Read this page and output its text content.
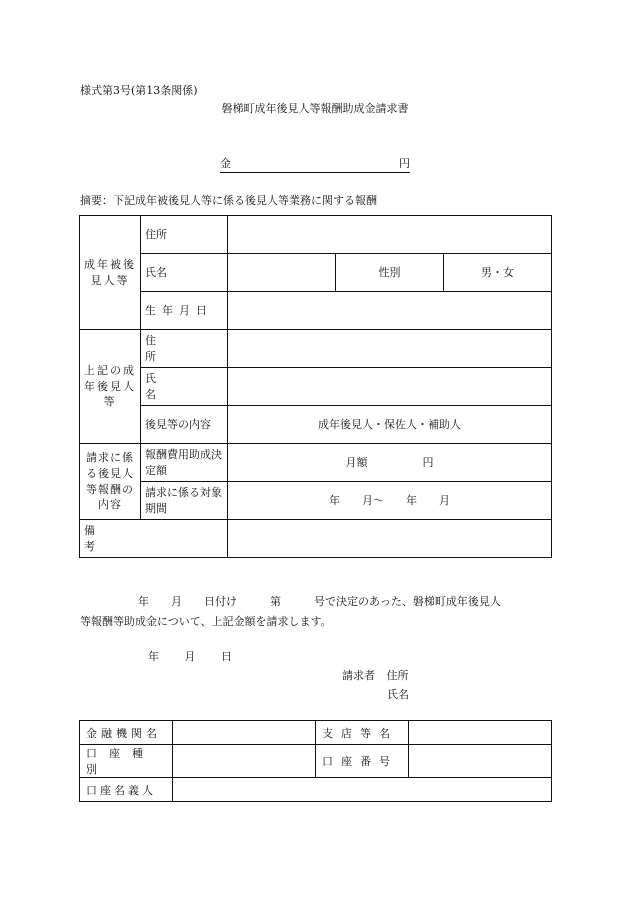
様式第3号(第13条関係)
磐梯町成年後見人等報酬助成金請求書
金	円
摘要：下記成年被後見人等に係る後見人等業務に関する報酬
成年被後見人等	住所			

	氏名		性別	男・女
	生年月日			
上記の成年後見人等	住所			
	氏名			
	後見等の内容	成年後見人・保佐人・補助人		
請求に係る後見人等報酬の内容	報酬費用助成決定額	月額　　　　　円		
	請求に係る対象期間	年　　月～　　年　　月		
備考				
年　　月　　日付け　　　第　　　号で決定のあった、磐梯町成年後見人
等報酬等助成金について、上記金額を請求します。
年 月 日
請求者 住所
氏名
金融機関名		支店等名	
口座種別		口座番号	
口座名義人			
